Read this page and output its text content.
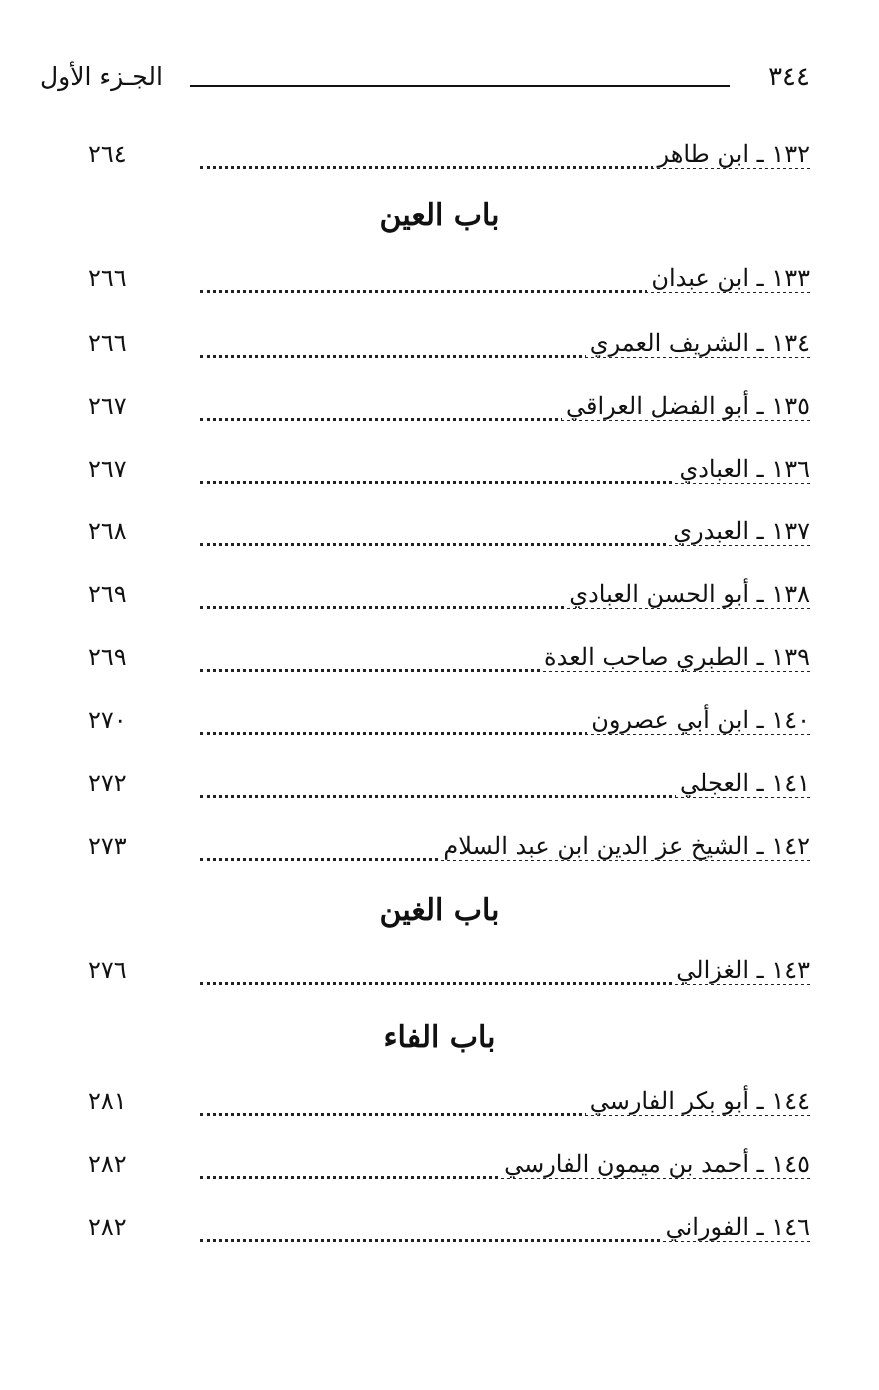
٣٤٤
الجـزء الأول
١٣٢ ـ ابن طاهر
٢٦٤
باب العين
١٣٣ ـ ابن عبدان
٢٦٦
١٣٤ ـ الشريف العمري
٢٦٦
١٣٥ ـ أبو الفضل العراقي
٢٦٧
١٣٦ ـ العبادي
٢٦٧
١٣٧ ـ العبدري
٢٦٨
١٣٨ ـ أبو الحسن العبادي
٢٦٩
١٣٩ ـ الطبري صاحب العدة
٢٦٩
١٤٠ ـ ابن أبي عصرون
٢٧٠
١٤١ ـ العجلي
٢٧٢
١٤٢ ـ الشيخ عز الدين ابن عبد السلام
٢٧٣
باب الغين
١٤٣ ـ الغزالي
٢٧٦
باب الفاء
١٤٤ ـ أبو بكر الفارسي
٢٨١
١٤٥ ـ أحمد بن ميمون الفارسي
٢٨٢
١٤٦ ـ الفوراني
٢٨٢
